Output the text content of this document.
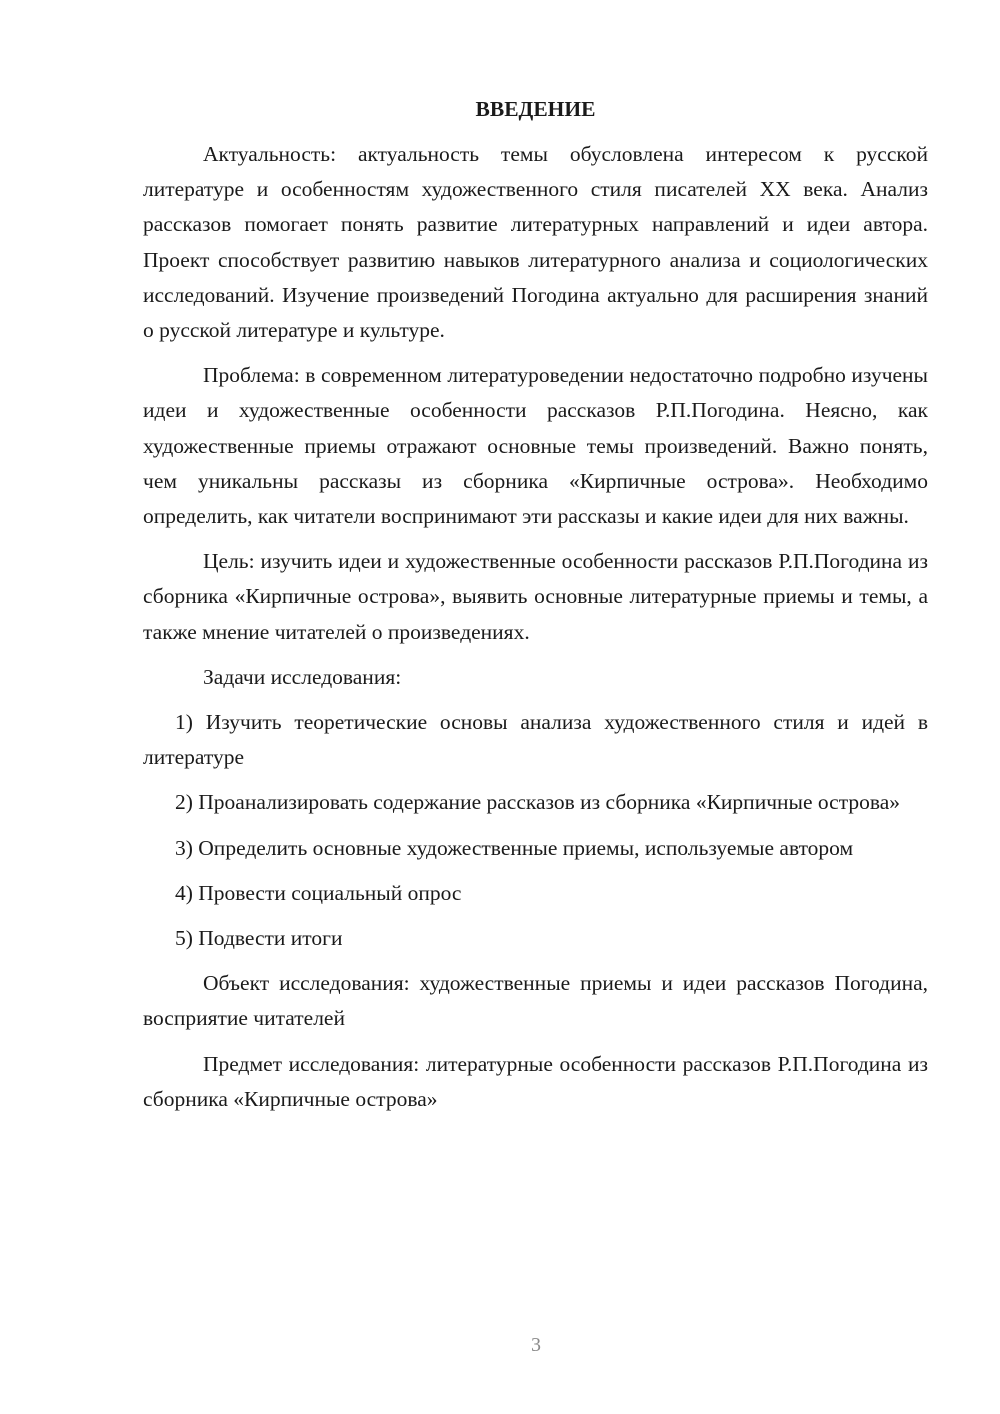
ВВЕДЕНИЕ

Актуальность: актуальность темы обусловлена интересом к русской литературе и особенностям художественного стиля писателей XX века. Анализ рассказов помогает понять развитие литературных направлений и идеи автора. Проект способствует развитию навыков литературного анализа и социологических исследований. Изучение произведений Погодина актуально для расширения знаний о русской литературе и культуре.

Проблема: в современном литературоведении недостаточно подробно изучены идеи и художественные особенности рассказов Р.П.Погодина. Неясно, как художественные приемы отражают основные темы произведений. Важно понять, чем уникальны рассказы из сборника «Кирпичные острова». Необходимо определить, как читатели воспринимают эти рассказы и какие идеи для них важны.

Цель: изучить идеи и художественные особенности рассказов Р.П.Погодина из сборника «Кирпичные острова», выявить основные литературные приемы и темы, а также мнение читателей о произведениях.

Задачи исследования:

1) Изучить теоретические основы анализа художественного стиля и идей в литературе

2) Проанализировать содержание рассказов из сборника «Кирпичные острова»

3) Определить основные художественные приемы, используемые автором

4) Провести социальный опрос

5) Подвести итоги

Объект исследования: художественные приемы и идеи рассказов Погодина, восприятие читателей

Предмет исследования: литературные особенности рассказов Р.П.Погодина из сборника «Кирпичные острова»

3
